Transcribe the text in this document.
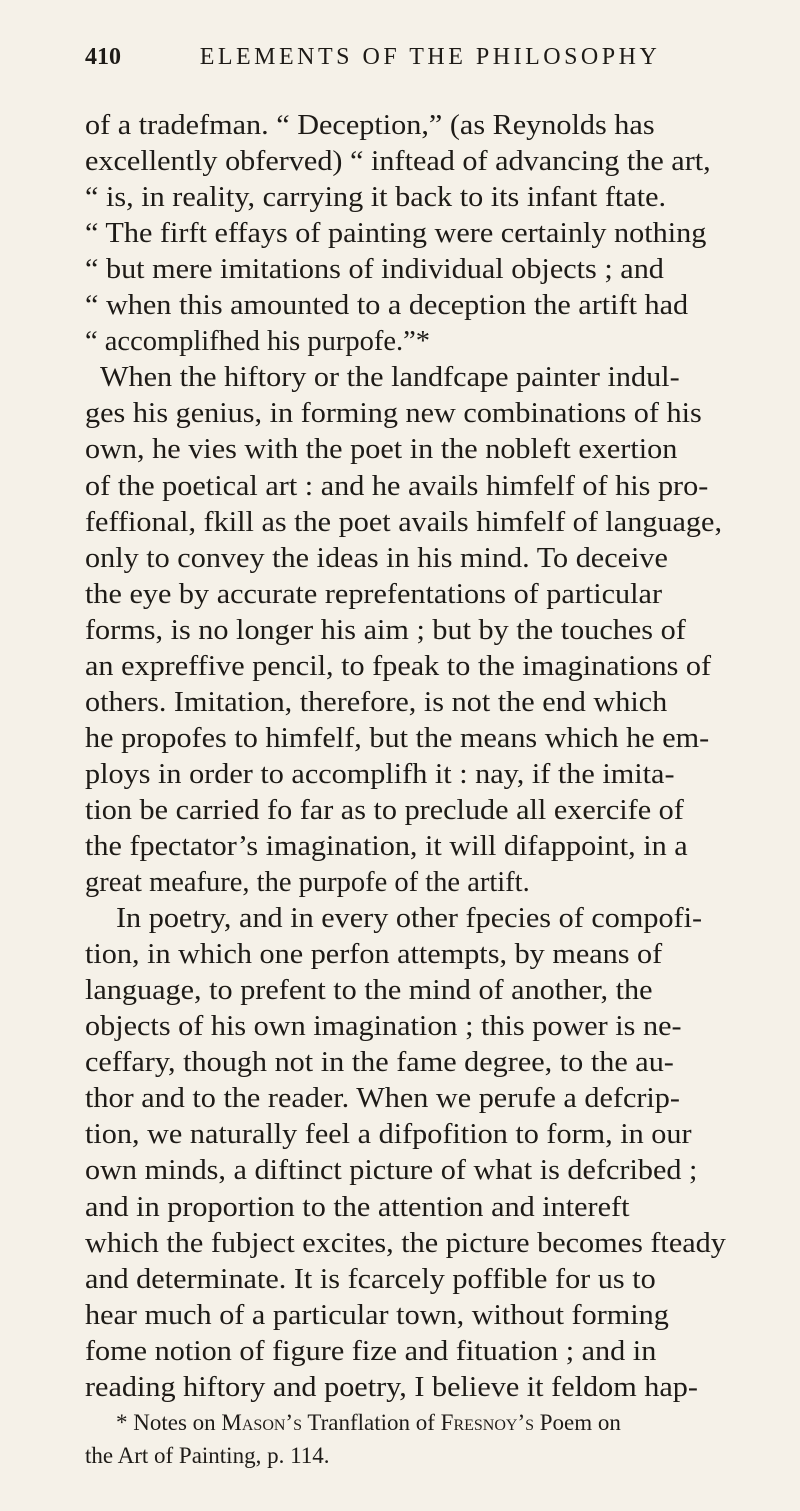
410	ELEMENTS OF THE PHILOSOPHY
of a tradefman. “ Deception,” (as Reynolds has
excellently obferved) “ inftead of advancing the art,
“ is, in reality, carrying it back to its infant ftate.
“ The firft effays of painting were certainly nothing
“ but mere imitations of individual objects ; and
“ when this amounted to a deception the artift had
“ accomplifhed his purpofe.”*
When the hiftory or the landfcape painter indul-
ges his genius, in forming new combinations of his
own, he vies with the poet in the nobleft exertion
of the poetical art : and he avails himfelf of his pro-
feffional, fkill as the poet avails himfelf of language,
only to convey the ideas in his mind. To deceive
the eye by accurate reprefentations of particular
forms, is no longer his aim ; but by the touches of
an expreffive pencil, to fpeak to the imaginations of
others. Imitation, therefore, is not the end which
he propofes to himfelf, but the means which he em-
ploys in order to accomplifh it : nay, if the imita-
tion be carried fo far as to preclude all exercife of
the fpectator’s imagination, it will difappoint, in a
great meafure, the purpofe of the artift.
In poetry, and in every other fpecies of compofi-
tion, in which one perfon attempts, by means of
language, to prefent to the mind of another, the
objects of his own imagination ; this power is ne-
ceffary, though not in the fame degree, to the au-
thor and to the reader. When we perufe a defcrip-
tion, we naturally feel a difpofition to form, in our
own minds, a diftinct picture of what is defcribed ;
and in proportion to the attention and intereft
which the fubject excites, the picture becomes fteady
and determinate. It is fcarcely poffible for us to
hear much of a particular town, without forming
fome notion of figure fize and fituation ; and in
reading hiftory and poetry, I believe it feldom hap-
* Notes on Mason’s Tranflation of Fresnoy’s Poem on
the Art of Painting, p. 114.
